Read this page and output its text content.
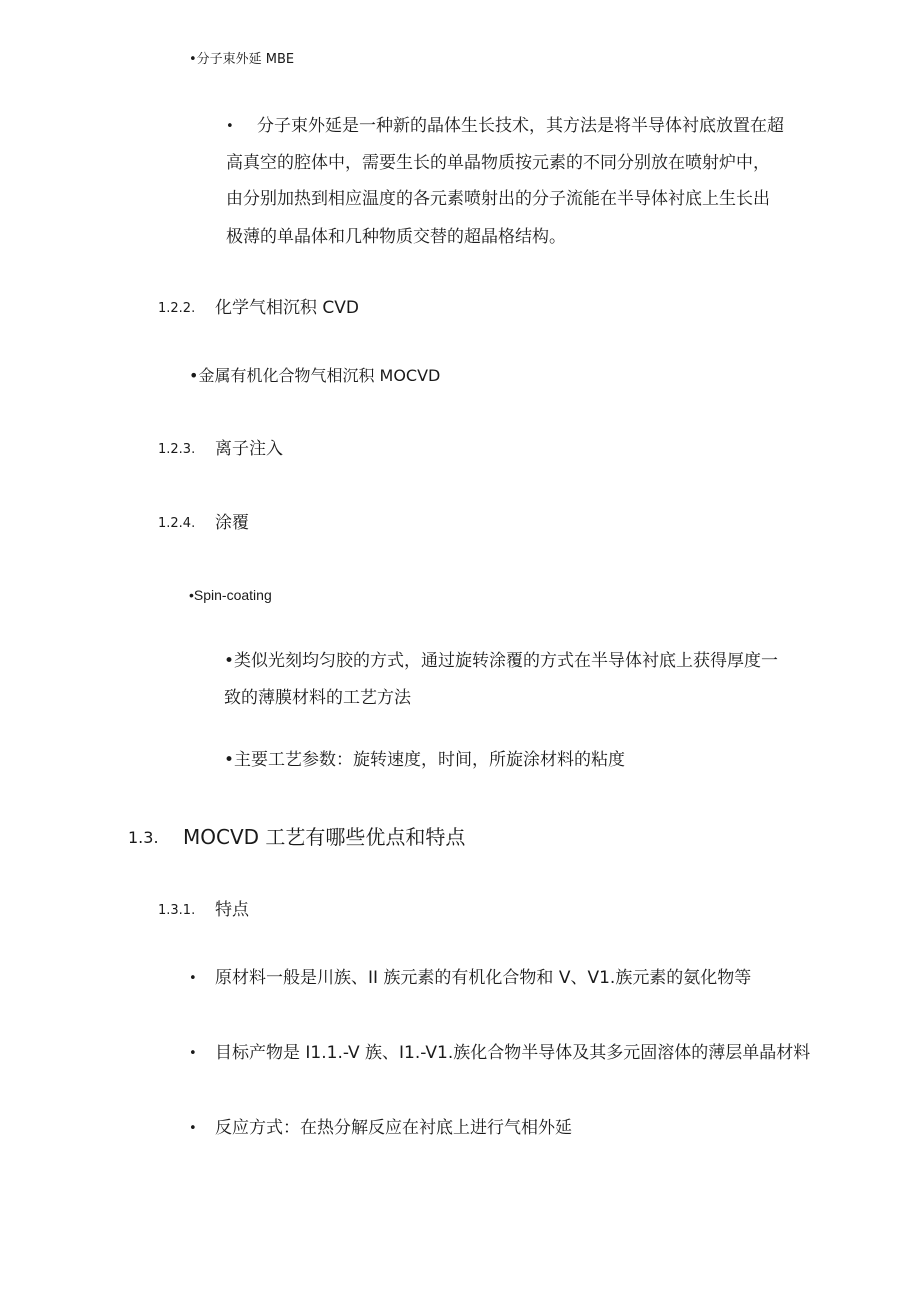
•分子束外延 MBE
• 分子束外延是一种新的晶体生长技术，其方法是将半导体衬底放置在超
高真空的腔体中，需要生长的单晶物质按元素的不同分别放在喷射炉中，
由分别加热到相应温度的各元素喷射出的分子流能在半导体衬底上生长出
极薄的单晶体和几种物质交替的超晶格结构。
1.2.2. 化学气相沉积 CVD
•金属有机化合物气相沉积 MOCVD
1.2.3. 离子注入
1.2.4. 涂覆
•Spin-coating
•类似光刻均匀胶的方式，通过旋转涂覆的方式在半导体衬底上获得厚度一
致的薄膜材料的工艺方法
•主要工艺参数：旋转速度，时间，所旋涂材料的粘度
1.3. MOCVD 工艺有哪些优点和特点
1.3.1. 特点
• 原材料一般是川族、II 族元素的有机化合物和 V、V1.族元素的氨化物等
• 目标产物是 I1.1.-V 族、I1.-V1.族化合物半导体及其多元固溶体的薄层单晶材料
• 反应方式：在热分解反应在衬底上进行气相外延
